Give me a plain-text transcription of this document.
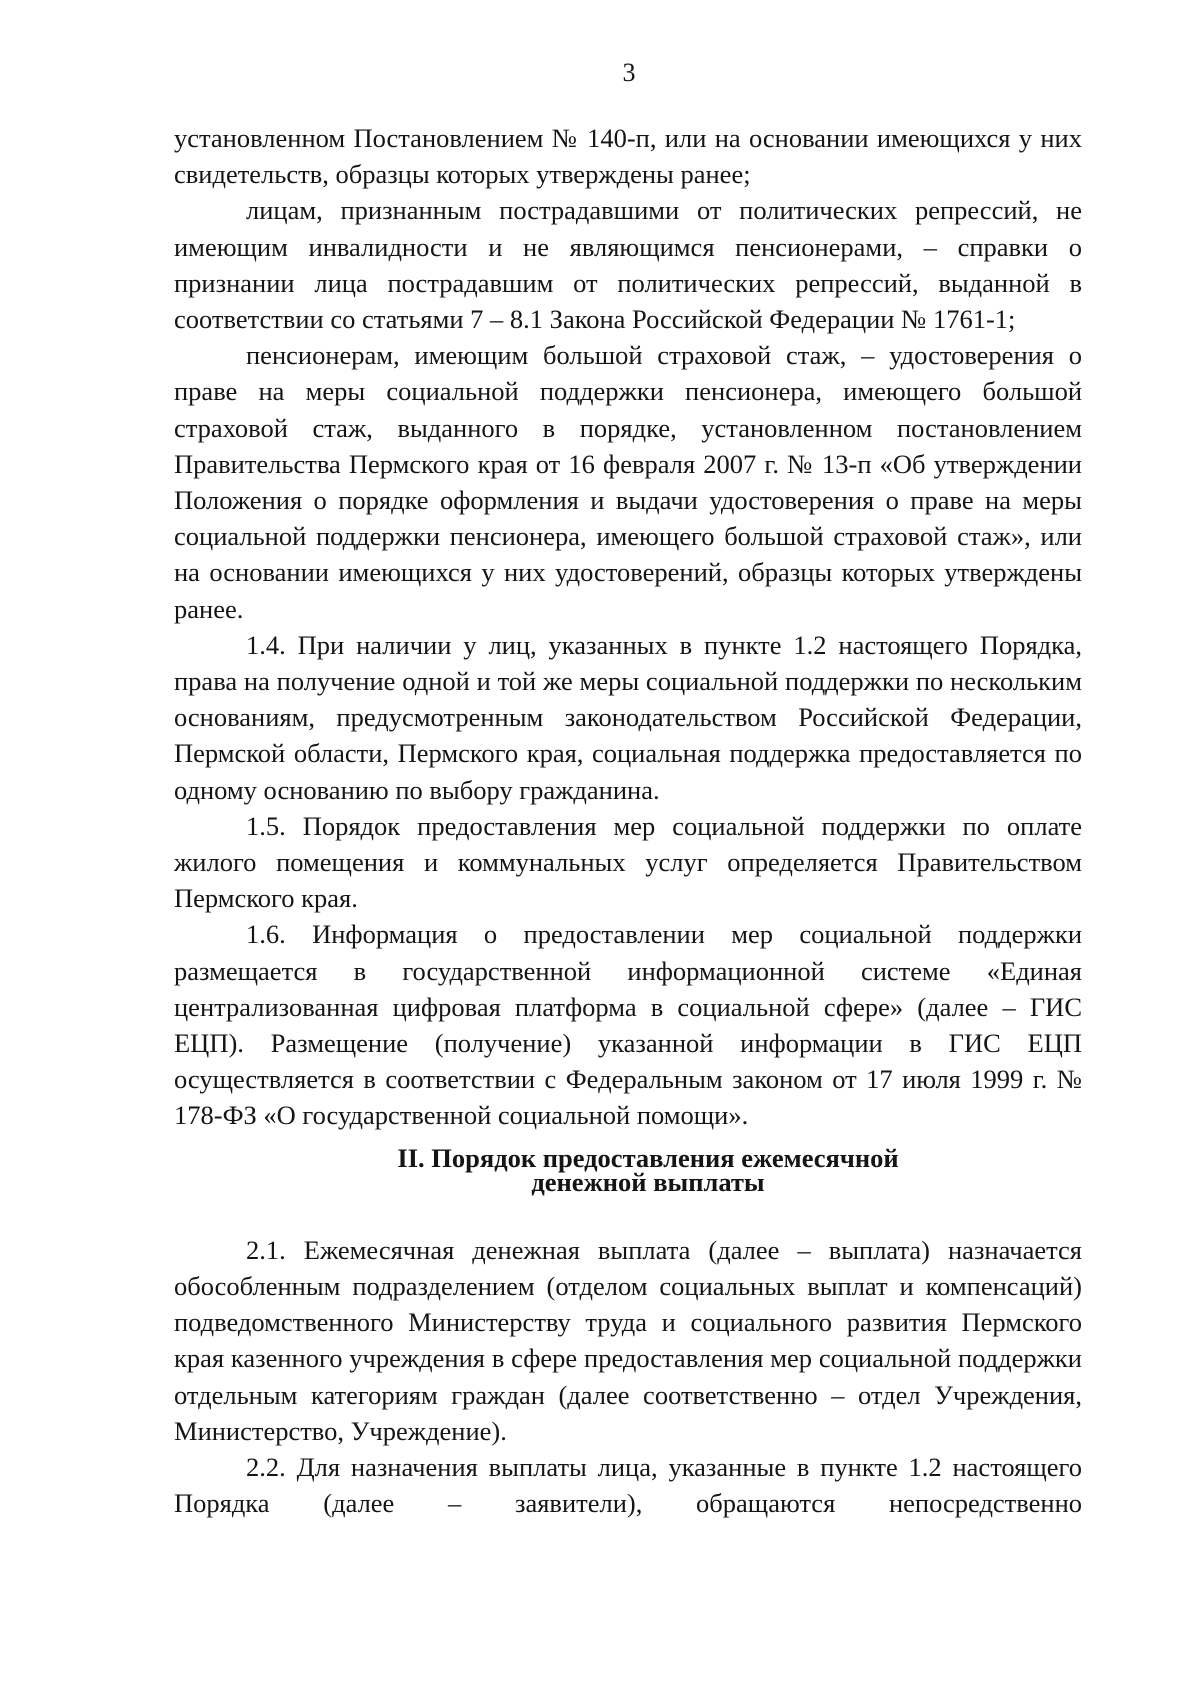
3

установленном Постановлением № 140-п, или на основании имеющихся у них свидетельств, образцы которых утверждены ранее;

лицам, признанным пострадавшими от политических репрессий, не имеющим инвалидности и не являющимся пенсионерами, – справки о признании лица пострадавшим от политических репрессий, выданной в соответствии со статьями 7 – 8.1 Закона Российской Федерации № 1761-1;

пенсионерам, имеющим большой страховой стаж, – удостоверения о праве на меры социальной поддержки пенсионера, имеющего большой страховой стаж, выданного в порядке, установленном постановлением Правительства Пермского края от 16 февраля 2007 г. № 13-п «Об утверждении Положения о порядке оформления и выдачи удостоверения о праве на меры социальной поддержки пенсионера, имеющего большой страховой стаж», или на основании имеющихся у них удостоверений, образцы которых утверждены ранее.

1.4. При наличии у лиц, указанных в пункте 1.2 настоящего Порядка, права на получение одной и той же меры социальной поддержки по нескольким основаниям, предусмотренным законодательством Российской Федерации, Пермской области, Пермского края, социальная поддержка предоставляется по одному основанию по выбору гражданина.

1.5. Порядок предоставления мер социальной поддержки по оплате жилого помещения и коммунальных услуг определяется Правительством Пермского края.

1.6. Информация о предоставлении мер социальной поддержки размещается в государственной информационной системе «Единая централизованная цифровая платформа в социальной сфере» (далее – ГИС ЕЦП). Размещение (получение) указанной информации в ГИС ЕЦП осуществляется в соответствии с Федеральным законом от 17 июля 1999 г. № 178-ФЗ «О государственной социальной помощи».

II. Порядок предоставления ежемесячной
денежной выплаты

2.1. Ежемесячная денежная выплата (далее – выплата) назначается обособленным подразделением (отделом социальных выплат и компенсаций) подведомственного Министерству труда и социального развития Пермского края казенного учреждения в сфере предоставления мер социальной поддержки отдельным категориям граждан (далее соответственно – отдел Учреждения, Министерство, Учреждение).

2.2. Для назначения выплаты лица, указанные в пункте 1.2 настоящего Порядка (далее – заявители), обращаются непосредственно
